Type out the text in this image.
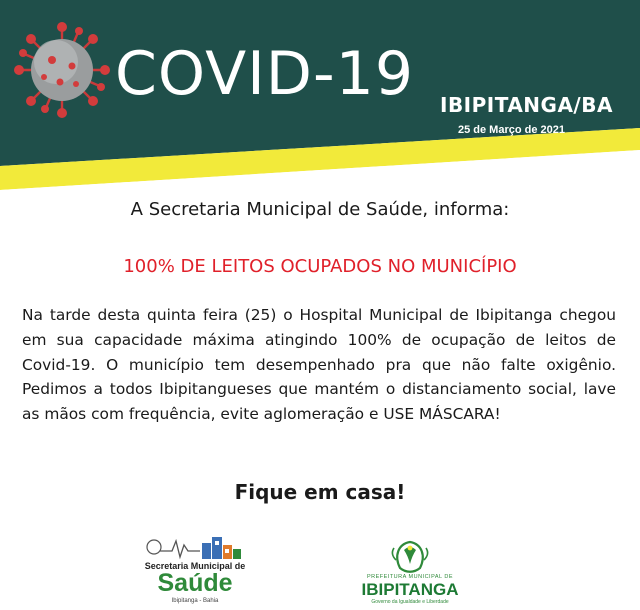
COVID-19 IBIPITANGA/BA
25 de Março de 2021
A Secretaria Municipal de Saúde, informa:
100% DE LEITOS OCUPADOS NO MUNICÍPIO
Na tarde desta quinta feira (25) o Hospital Municipal de Ibipitanga chegou em sua capacidade máxima atingindo 100% de ocupação de leitos de Covid-19. O município tem desempenhado pra que não falte oxigênio. Pedimos a todos Ibipitangueses que mantém o distanciamento social, lave as mãos com frequência, evite aglomeração e USE MÁSCARA!
Fique em casa!
Secretaria Municipal de
Saúde
Ibipitanga - Bahia
PREFEITURA MUNICIPAL DE
IBIPITANGA
Governo da Igualdade e Liberdade
